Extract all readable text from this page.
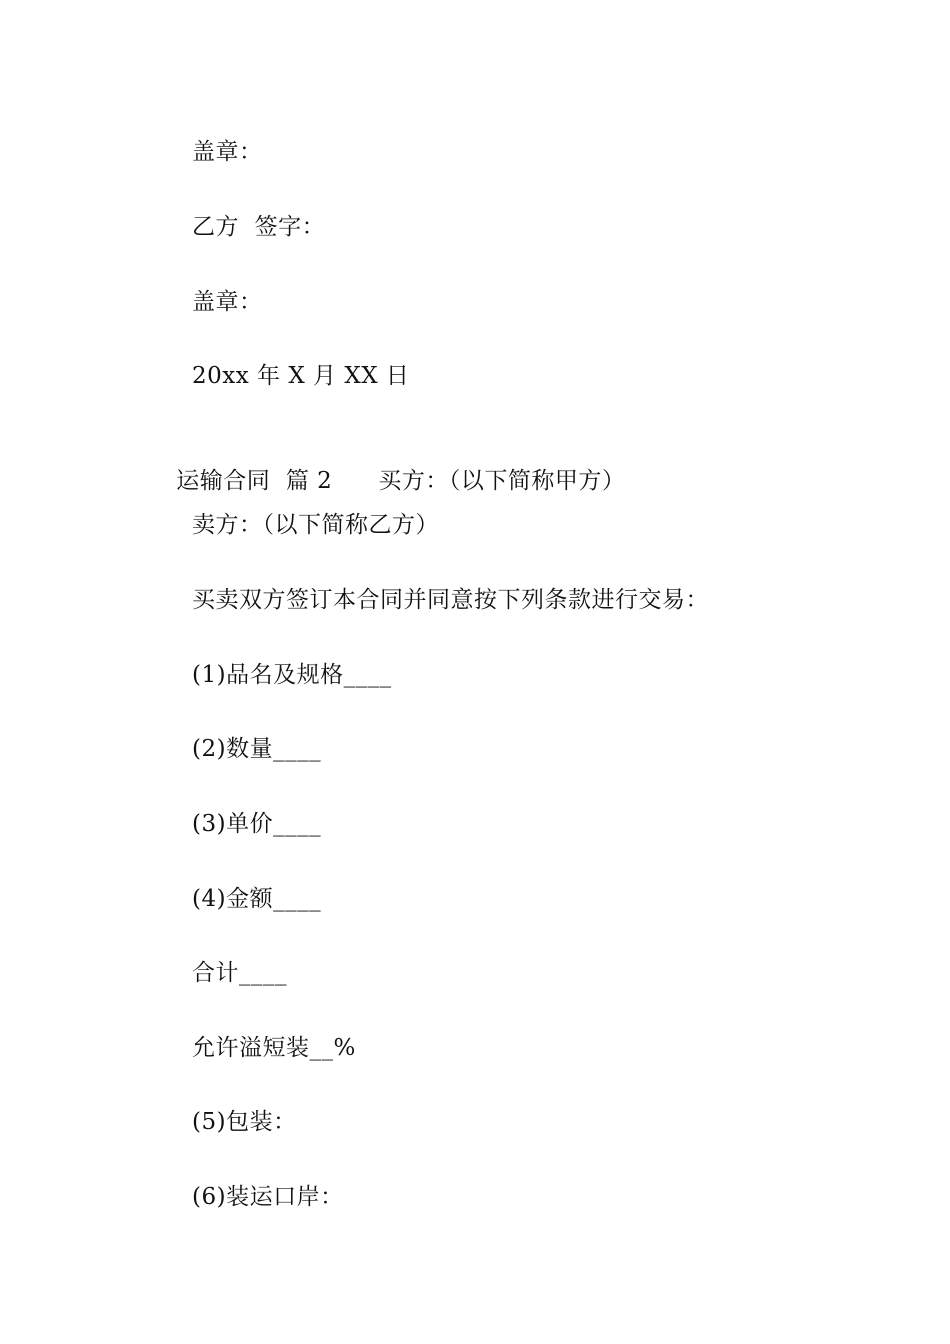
盖章：
乙方  签字：
盖章：
20xx 年 X 月 XX 日

运输合同  篇 2 买方：（以下简称甲方）

卖方：（以下简称乙方）
买卖双方签订本合同并同意按下列条款进行交易：
(1)品名及规格____
(2)数量____
(3)单价____
(4)金额____
合计____
允许溢短装__%
(5)包装：
(6)装运口岸：
